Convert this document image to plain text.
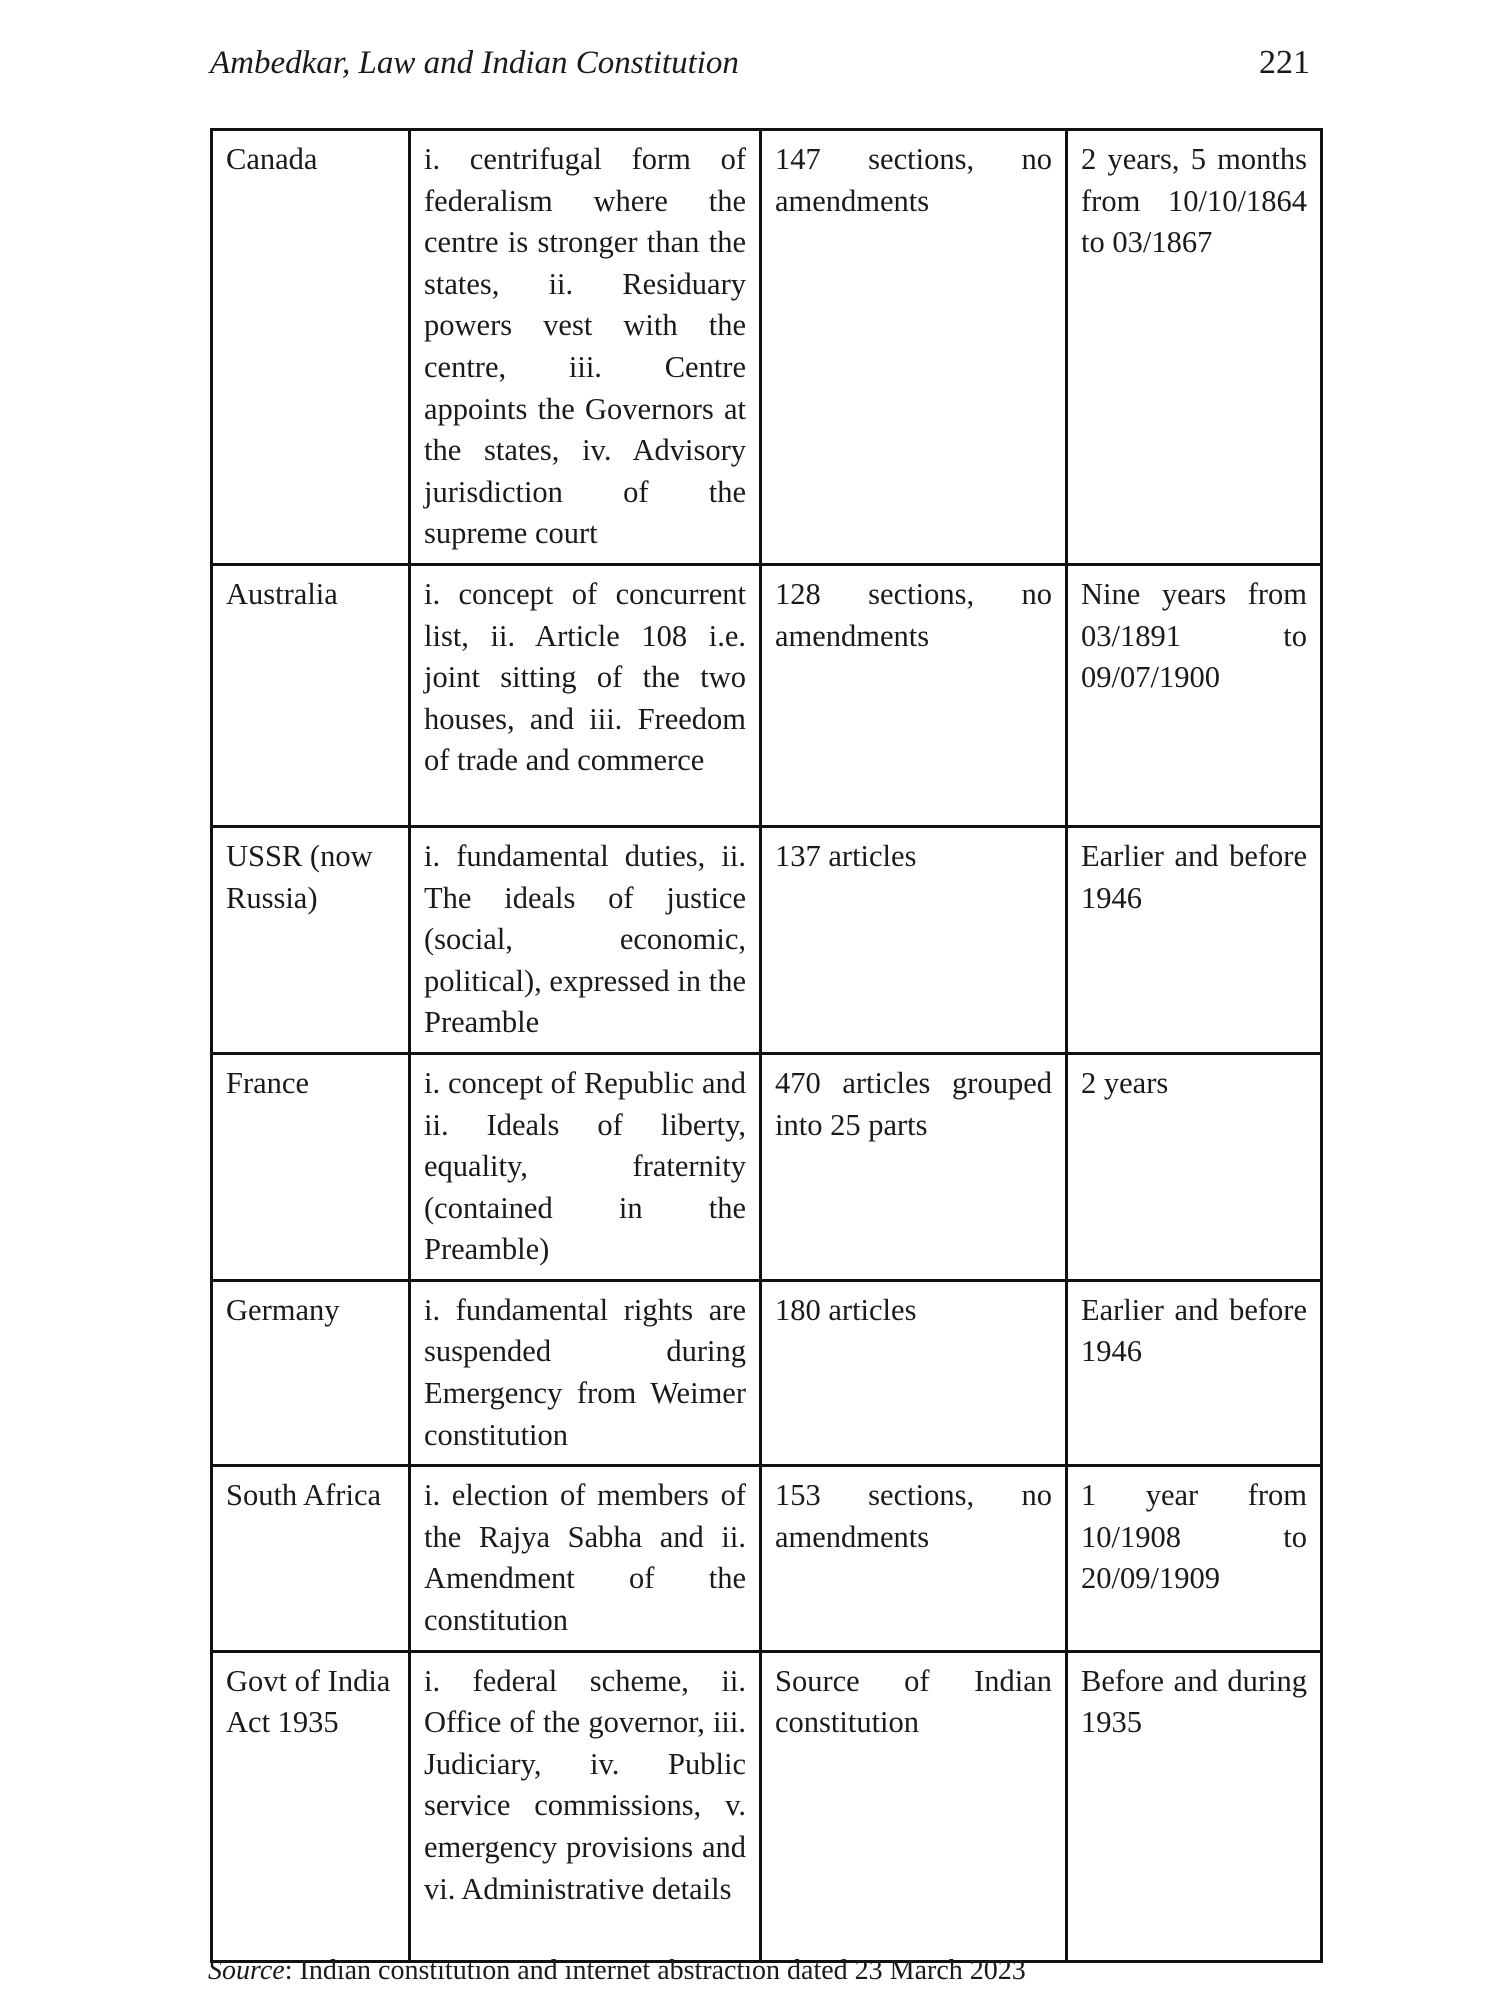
Ambedkar, Law and Indian Constitution	221
Canada	i. centrifugal form of federalism where the centre is stronger than the states, ii. Residuary powers vest with the centre, iii. Centre appoints the Governors at the states, iv. Advisory jurisdiction of the supreme court	147 sections, no amendments	2 years, 5 months from 10/10/1864 to 03/1867
Australia	i. concept of concurrent list, ii. Article 108 i.e. joint sitting of the two houses, and iii. Freedom of trade and commerce	128 sections, no amendments	Nine years from 03/1891 to 09/07/1900
USSR (now Russia)	i. fundamental duties, ii. The ideals of justice (social, economic, political), expressed in the Preamble	137 articles	Earlier and before 1946
France	i. concept of Republic and ii. Ideals of liberty, equality, fraternity (contained in the Preamble)	470 articles grouped into 25 parts	2 years
Germany	i. fundamental rights are suspended during Emergency from Weimer constitution	180 articles	Earlier and before 1946
South Africa	i. election of members of the Rajya Sabha and ii. Amendment of the constitution	153 sections, no amendments	1 year from 10/1908 to 20/09/1909
Govt of India Act 1935	i. federal scheme, ii. Office of the governor, iii. Judiciary, iv. Public service commissions, v. emergency provisions and vi. Administrative details	Source of Indian constitution	Before and during 1935
Source: Indian constitution and internet abstraction dated 23 March 2023
